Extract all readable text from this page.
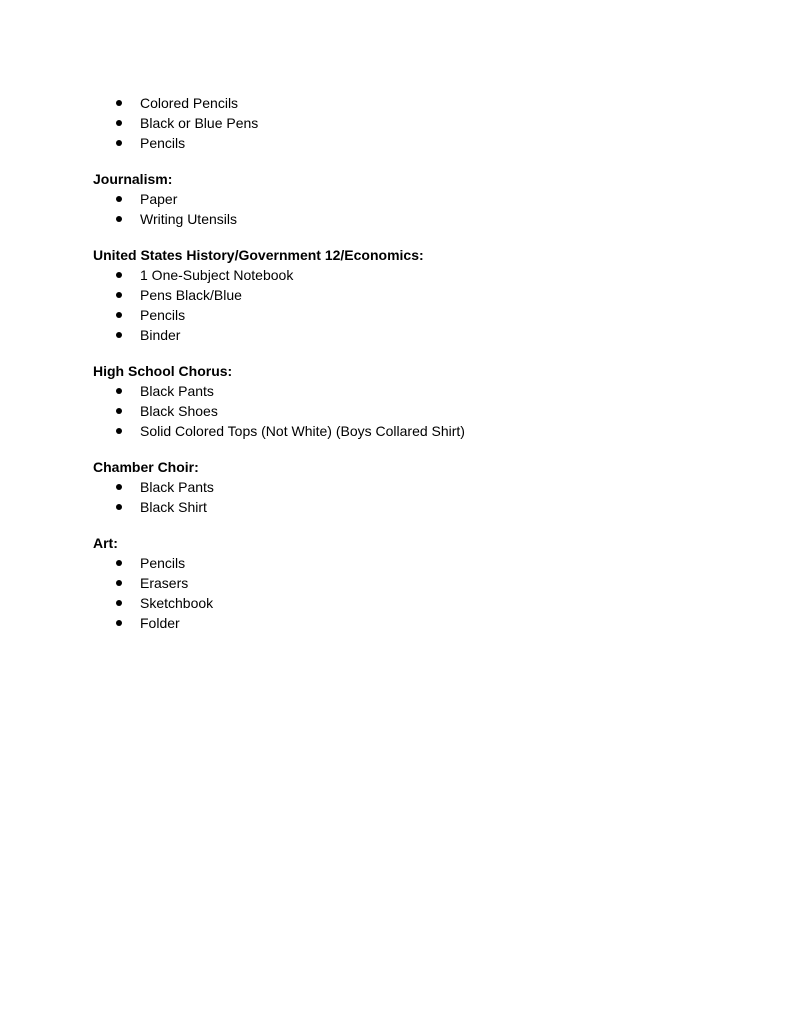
Colored Pencils
Black or Blue Pens
Pencils

Journalism:

Paper
Writing Utensils

United States History/Government 12/Economics:

1 One-Subject Notebook
Pens Black/Blue
Pencils
Binder

High School Chorus:

Black Pants
Black Shoes
Solid Colored Tops (Not White) (Boys Collared Shirt)

Chamber Choir:

Black Pants
Black Shirt

Art:

Pencils
Erasers
Sketchbook
Folder
